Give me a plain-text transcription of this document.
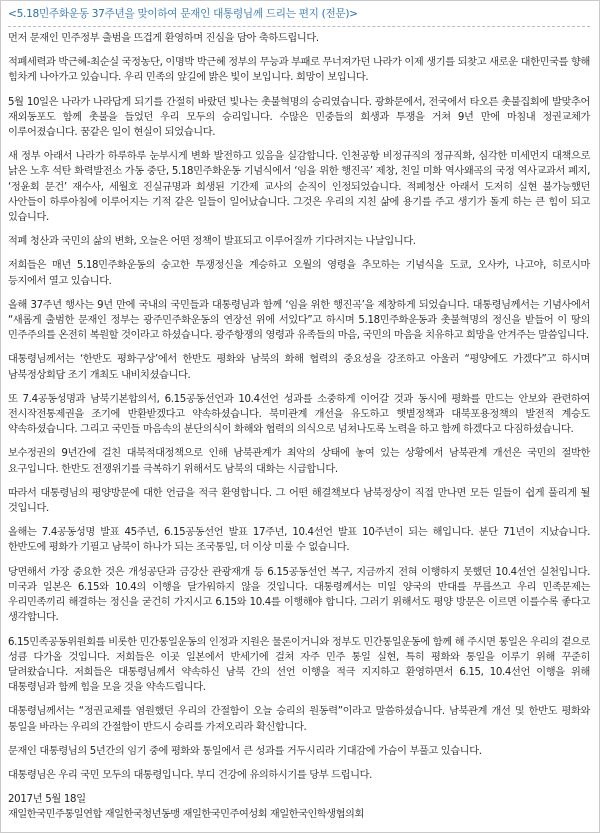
<5.18민주화운동 37주년을 맞이하여 문재인 대통령님께 드리는 편지 (전문)>

먼저 문재인 민주정부 출범을 뜨겁게 환영하며 진심을 담아 축하드립니다.

적폐세력과 박근혜-최순실 국정농단, 이명박 박근혜 정부의 무능과 부패로 무너져가던 나라가 이제 생기를 되찾고 새로운 대한민국를 향해 힘차게 나아가고 있습니다. 우리 민족의 앞길에 밝은 빛이 보입니다. 희망이 보입니다.

5월 10일은 나라가 나라답게 되기를 간절히 바랐던 빛나는 촛불혁명의 승리였습니다. 광화문에서, 전국에서 타오른 촛불집회에 발맞추어 재외동포도 함께 촛불을 들었던 우리 모두의 승리입니다. 수많은 민중들의 희생과 투쟁을 거쳐 9년 만에 마침내 정권교체가 이루어졌습니다. 꿈같은 일이 현실이 되었습니다.

새 정부 아래서 나라가 하루하루 눈부시게 변화 발전하고 있음을 실감합니다. 인천공항 비정규직의 정규직화, 심각한 미세먼지 대책으로 낡은 노후 석탄 화력발전소 가동 중단, 5.18민주화운동 기념식에서 ‘임을 위한 행진곡’ 제창, 친일 미화 역사왜곡의 국정 역사교과서 폐지, ‘정윤회 문건’ 재수사, 세월호 진실규명과 희생된 기간제 교사의 순직이 인정되었습니다. 적폐청산 아래서 도저히 실현 불가능했던 사안들이 하루아침에 이루어지는 기적 같은 일들이 일어났습니다. 그것은 우리의 지친 삶에 용기를 주고 생기가 돌게 하는 큰 힘이 되고 있습니다.

적폐 청산과 국민의 삶의 변화, 오늘은 어떤 정책이 발표되고 이루어질까 기다려지는 나날입니다.

저희들은 매년 5.18민주화운동의 숭고한 투쟁정신을 계승하고 오월의 영령을 추모하는 기념식을 도쿄, 오사카, 나고야, 히로시마 등지에서 열고 있습니다.

올해 37주년 행사는 9년 만에 국내의 국민들과 대통령님과 함께 ‘임을 위한 행진곡’을 제창하게 되었습니다. 대통령님께서는 기념사에서 “새롭게 출범한 문재인 정부는 광주민주화운동의 연장선 위에 서있다”고 하시며 5.18민주화운동과 촛불혁명의 정신을 받들어 이 땅의 민주주의를 온전히 복원할 것이라고 하셨습니다. 광주항쟁의 영령과 유족들의 마음, 국민의 마음을 치유하고 희망을 안겨주는 말씀입니다.

대통령님께서는 ‘한반도 평화구상’에서 한반도 평화와 남북의 화해 협력의 중요성을 강조하고 아울러 “평양에도 가겠다”고 하시며 남북정상회담 조기 개최도 내비치셨습니다.

또 7.4공동성명과 남북기본합의서, 6.15공동선언과 10.4선언 성과를 소중하게 이어갈 것과 동시에 평화를 만드는 안보와 관련하여 전시작전통제권을 조기에 반환받겠다고 약속하셨습니다. 북미관계 개선을 유도하고 햇볕정책과 대북포용정책의 발전적 계승도 약속하셨습니다. 그리고 국민들 마음속의 분단의식이 화해와 협력의 의식으로 넘쳐나도록 노력을 하고 함께 하겠다고 다짐하셨습니다.

보수정권의 9년간에 걸친 대북적대정책으로 인해 남북관계가 최악의 상태에 놓여 있는 상황에서 남북관계 개선은 국민의 절박한 요구입니다. 한반도 전쟁위기를 극복하기 위해서도 남북의 대화는 시급합니다.

따라서 대통령님의 평양방문에 대한 언급을 적극 환영합니다. 그 어떤 해결책보다 남북정상이 직접 만나면 모든 일들이 쉽게 풀리게 될 것입니다.

올해는 7.4공동성명 발표 45주년, 6.15공동선언 발표 17주년, 10.4선언 발표 10주년이 되는 해입니다. 분단 71년이 지났습니다. 한반도에 평화가 기필고 남북이 하나가 되는 조국통일, 더 이상 미룰 수 없습니다.

당면해서 가장 중요한 것은 개성공단과 금강산 관광재개 등 6.15공동선언 복구, 지금까지 전혀 이행하지 못했던 10.4선언 실천입니다. 미국과 일본은 6.15와 10.4의 이행을 달가워하지 않을 것입니다. 대통령께서는 미일 양국의 반대를 무릅쓰고 우리 민족문제는 우리민족끼리 해결하는 정신을 굳건히 가지시고 6.15와 10.4를 이행해야 합니다. 그러기 위해서도 평양 방문은 이르면 이를수록 좋다고 생각합니다.

6.15민족공동위원회를 비롯한 민간통일운동의 인정과 지원은 물론이거니와 정부도 민간통일운동에 함께 해 주시면 통일은 우리의 곁으로 성큼 다가올 것입니다. 저희들은 이곳 일본에서 반세기에 걸쳐 자주 민주 통일 실현, 특히 평화와 통일을 이루기 위해 꾸준히 달려왔습니다. 저희들은 대통령님께서 약속하신 남북 간의 선언 이행을 적극 지지하고 환영하면서 6.15, 10.4선언 이행을 위해 대통령님과 함께 힘을 모을 것을 약속드립니다.

대통령님께서는 “정권교체를 염원했던 우리의 간절함이 오늘 승리의 원동력”이라고 말씀하셨습니다. 남북관계 개선 및 한반도 평화와 통일을 바라는 우리의 간절함이 반드시 승리를 가져오리라 확신합니다.

문재인 대통령님의 5년간의 임기 중에 평화와 통일에서 큰 성과를 거두시리라 기대감에 가슴이 부풀고 있습니다.

대통령님은 우리 국민 모두의 대통령입니다. 부디 건강에 유의하시기를 당부 드립니다.

2017년 5월 18일

재일한국민주통일연합 재일한국청년동맹 재일한국민주여성회 재일한국인학생협의회
